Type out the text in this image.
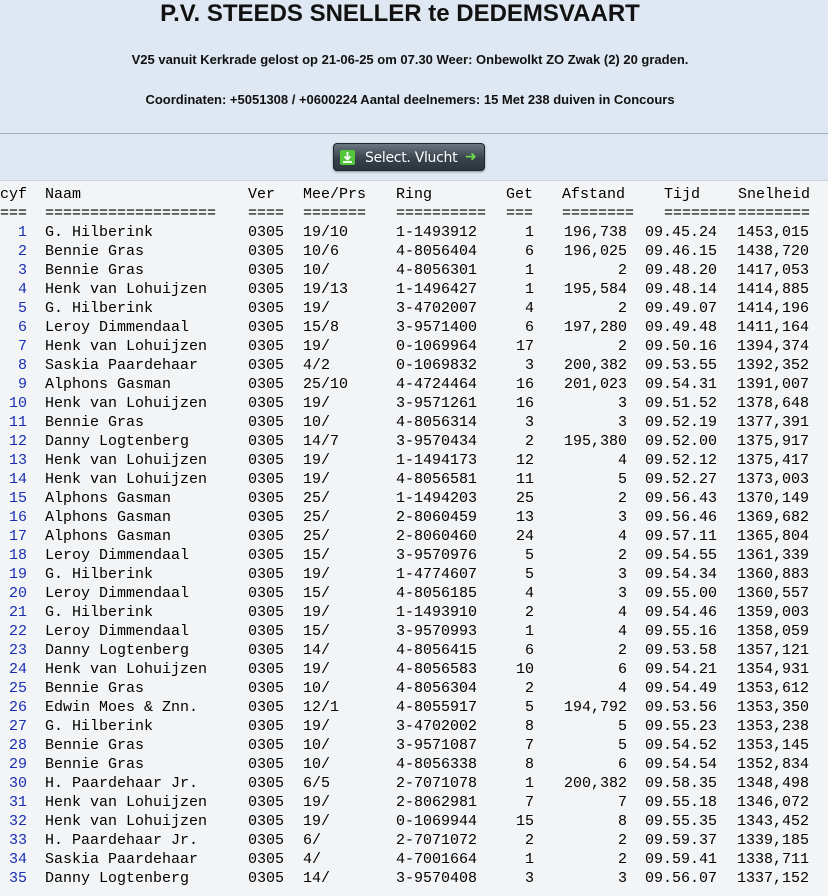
P.V. STEEDS SNELLER te DEDEMSVAART
V25 vanuit Kerkrade gelost op 21-06-25 om 07.30 Weer: Onbewolkt ZO Zwak (2) 20 graden.
Coordinaten: +5051308 / +0600224 Aantal deelnemers: 15 Met 238 duiven in Concours
Select. Vlucht ➜
cyf Naam	Ver	Mee/Prs	Ring	Get Afstand	Tijd	Snelheid
=== ===================	====	=======	==========	=== ======== ======== ========
1 G. Hilberink	0305	19/10	1-1493912	1	196,738 09.45.24 1453,015
2 Bennie Gras	0305	10/6	4-8056404	6	196,025 09.46.15 1438,720
3 Bennie Gras	0305	10/	4-8056301	1	2 09.48.20 1417,053
4 Henk van Lohuijzen	0305	19/13	1-1496427	1	195,584 09.48.14 1414,885
5 G. Hilberink	0305	19/	3-4702007	4	2 09.49.07 1414,196
6 Leroy Dimmendaal	0305	15/8	3-9571400	6	197,280 09.49.48 1411,164
7 Henk van Lohuijzen	0305	19/	0-1069964	17	2 09.50.16 1394,374
8 Saskia Paardehaar	0305	4/2	0-1069832	3	200,382 09.53.55 1392,352
9 Alphons Gasman	0305	25/10	4-4724464	16	201,023 09.54.31 1391,007
10 Henk van Lohuijzen	0305	19/	3-9571261	16	3 09.51.52 1378,648
11 Bennie Gras	0305	10/	4-8056314	3	3 09.52.19 1377,391
12 Danny Logtenberg	0305	14/7	3-9570434	2	195,380 09.52.00 1375,917
13 Henk van Lohuijzen	0305	19/	1-1494173	12	4 09.52.12 1375,417
14 Henk van Lohuijzen	0305	19/	4-8056581	11	5 09.52.27 1373,003
15 Alphons Gasman	0305	25/	1-1494203	25	2 09.56.43 1370,149
16 Alphons Gasman	0305	25/	2-8060459	13	3 09.56.46 1369,682
17 Alphons Gasman	0305	25/	2-8060460	24	4 09.57.11 1365,804
18 Leroy Dimmendaal	0305	15/	3-9570976	5	2 09.54.55 1361,339
19 G. Hilberink	0305	19/	1-4774607	5	3 09.54.34 1360,883
20 Leroy Dimmendaal	0305	15/	4-8056185	4	3 09.55.00 1360,557
21 G. Hilberink	0305	19/	1-1493910	2	4 09.54.46 1359,003
22 Leroy Dimmendaal	0305	15/	3-9570993	1	4 09.55.16 1358,059
23 Danny Logtenberg	0305	14/	4-8056415	6	2 09.53.58 1357,121
24 Henk van Lohuijzen	0305	19/	4-8056583	10	6 09.54.21 1354,931
25 Bennie Gras	0305	10/	4-8056304	2	4 09.54.49 1353,612
26 Edwin Moes & Znn.	0305	12/1	4-8055917	5	194,792 09.53.56 1353,350
27 G. Hilberink	0305	19/	3-4702002	8	5 09.55.23 1353,238
28 Bennie Gras	0305	10/	3-9571087	7	5 09.54.52 1353,145
29 Bennie Gras	0305	10/	4-8056338	8	6 09.54.54 1352,834
30 H. Paardehaar Jr.	0305	6/5	2-7071078	1	200,382 09.58.35 1348,498
31 Henk van Lohuijzen	0305	19/	2-8062981	7	7 09.55.18 1346,072
32 Henk van Lohuijzen	0305	19/	0-1069944	15	8 09.55.35 1343,452
33 H. Paardehaar Jr.	0305	6/	2-7071072	2	2 09.59.37 1339,185
34 Saskia Paardehaar	0305	4/	4-7001664	1	2 09.59.41 1338,711
35 Danny Logtenberg	0305	14/	3-9570408	3	3 09.56.07 1337,152
